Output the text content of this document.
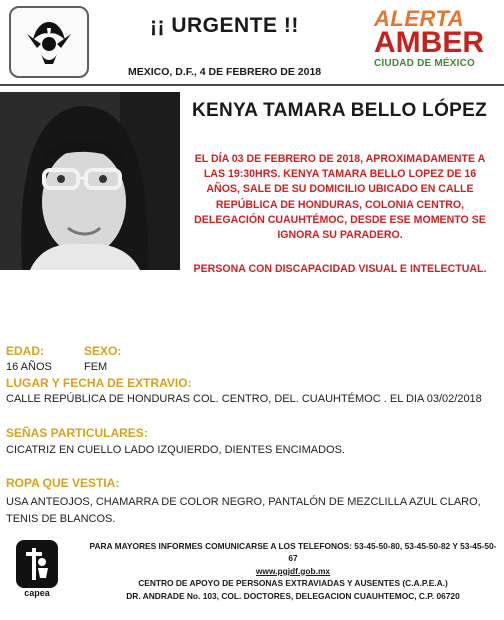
¡¡ URGENTE !!	ALERTA
AMBER
CIUDAD DE MÉXICO
MEXICO, D.F., 4 DE FEBRERO DE 2018
KENYA TAMARA BELLO LÓPEZ
EL DÍA 03 DE FEBRERO DE 2018, APROXIMADAMENTE A LAS 19:30HRS. KENYA TAMARA BELLO LOPEZ DE 16 AÑOS, SALE DE SU DOMICILIO UBICADO EN CALLE REPÚBLICA DE HONDURAS, COLONIA CENTRO, DELEGACIÓN CUAUHTÉMOC, DESDE ESE MOMENTO SE IGNORA SU PARADERO.
PERSONA CON DISCAPACIDAD VISUAL E INTELECTUAL.
EDAD:	SEXO:
16 AÑOS	FEM
LUGAR Y FECHA DE EXTRAVIO:
CALLE REPÚBLICA DE HONDURAS COL. CENTRO, DEL. CUAUHTÉMOC . EL DIA 03/02/2018
SEÑAS PARTICULARES:
CICATRIZ EN CUELLO LADO IZQUIERDO, DIENTES ENCIMADOS.
ROPA QUE VESTIA:
USA ANTEOJOS, CHAMARRA DE COLOR NEGRO, PANTALÓN DE MEZCLILLA AZUL CLARO, TENIS DE BLANCOS.
capea
PARA MAYORES INFORMES COMUNICARSE A LOS TELEFONOS: 53-45-50-80, 53-45-50-82 Y 53-45-50-67
www.pgjdf.gob.mx
CENTRO DE APOYO DE PERSONAS EXTRAVIADAS Y AUSENTES (C.A.P.E.A.)
DR. ANDRADE No. 103, COL. DOCTORES, DELEGACION CUAUHTEMOC, C.P. 06720
